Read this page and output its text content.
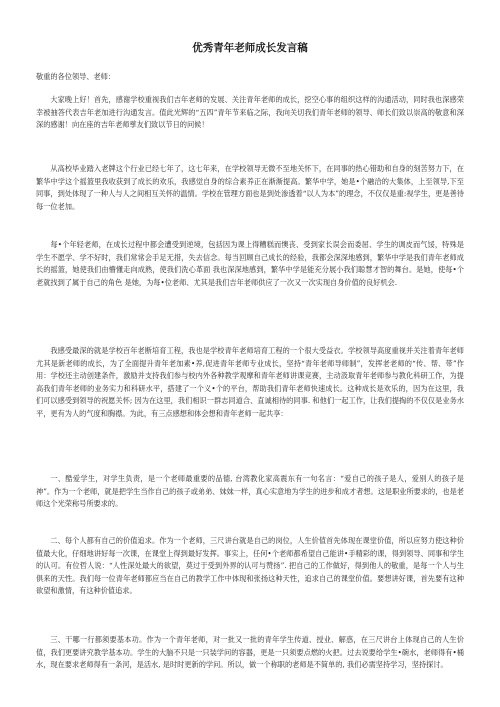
优秀青年老师成长发言稿

敬重的各位领导、老师：

大家晚上好！首先，感谢学校重视我们吉年老师的发展、关注青年老师的成长，挖空心事的组织这样的沟通活动，同时我也深感荣幸被抽答代表吉年老加进行沟通发言。值此光辉的“五四”青年节来临之际，我向关切我们青年老师的领导、师长们致以崇高的敬意和深深的感谢！向在座的吉年老师孳友们致以节日的问候！

从高校毕业踏入老牌这个行业已经七年了，这七年来，在学校领导无微不至地关怀下，在同事的热心错助和自身的刻苦努力下，在繁华中学这个摇篮里我收获到了成长的欢乐，我感觉自身的综合素养正在渐渐提高。繁华中学，她是•个融洽的大集体，上至领导,下至同事，到处体现了一种人与人之间相互关怀的温情。学校在管理方面也是到处渗透着“以人为本”的理念，不仅仅是重:视学生，更是善待每一位老加。

每•个年轻老师，在成长过程中都会遭受到逆境，包括因为课上得糟糕而懊丧、受到家长误会而委屈、学生的调皮而气馁，特殊是学生不愿学、学不好时，我们常常会手足无措，失去信念。每当回顾自己成长的经验，我都会深深地感到，繁华中学是我们青年老师成长的摇篮，她使我们由懵懂走向成熟，使我们洗心革面 我也深深地感到，繁华中学是能充分展小我们聪慧才智的舞台。是她，使每•个老就找到了属于自己的角色 是她，为每•位老师、尤其是我们吉年老师供应了一次又一次实现自身价值的良好机会.

我感受最深的就是学校百年老断培育工程，我也是学校青年老师培育工程的一个很大受益衣。学校领导高度重视并关注着青年老师尤其是新老师的成长，为了全面提升青年老加素•养,促进青年老师专业成长，坚持“青年老师导师制”，发挥老老师的“传、帮、带”作用：学校还主动创建条件，激励并支持我们参与校内外各种教学观摩和青年老师讲课竞赛，主动汲取青年老师参与教化科研工作，为提高我们青年老师的业务实力和科研水平，搭建了一个义•个的平台，帮助我们青年老师快速成长。这种成长是欢乐的，因为在这里，我们可以感受到领导的祝愿关怀; 因为在这里，我们相识一群志同道合、直诚相待的同事. 和他们一起工作，让我们提掏的不仅仅是业务水平，更有为人的气度和胸襟。为此，有三点感想和体会想和青年老师一起共享：

一、酷爱学生，对学生负责，是一个老师最重要的品德, 台湾教化家高震东有一句名言：“爱自己的孩子是人，爱别人的孩子是神”。作为一个老师，就是把学生当作自己的孩子或弟弟、妹妹一样，真心实意地为学生的进步和成才者想。这是职业所要求的，也是老师这个光荣称号所要求的。

二、每个人都有自己的价值追求。作为一个老师，三尺讲台就是自己的岗位，人生价值首先体现在课堂价值，所以应努力使这种价值最大化，仔细地讲好每一次课，在课堂上得到最好发挥。事实上，任何•个老师都希望自己能讲•手精彩的课，得到领导、同事和学生的认可。有位哲人说：“人性深处最大的欲望，莫过于受到外界的认可与赞扬”. 把自己的工作做好，得到他人的敬重，是每一个人与生俱来的天性。我们每一位青年老师都应当在自己的教学工作中体现和张扬这种天性，追求自己的课堂价值。要想讲好课，首先要有这种欲望和激情，有这种价值追求。

三、干哪一行都须要基本功。作为一个青年老师，对一批又一批的青年学生传道、授业、解惑，在三尺讲台上体现自己的人生价值，我们更要讲究教学基本功。学生的大脑不只是一只装学问的容器，更是一只须要点燃的火把。过去说要给学生•碗水，老师得有•桶水，现在要求老师得有一条河，是活水, 是时时更新的学问。所以，做一个称职的老师是不简单的, 我们必需坚持学习，坚持探讨。
